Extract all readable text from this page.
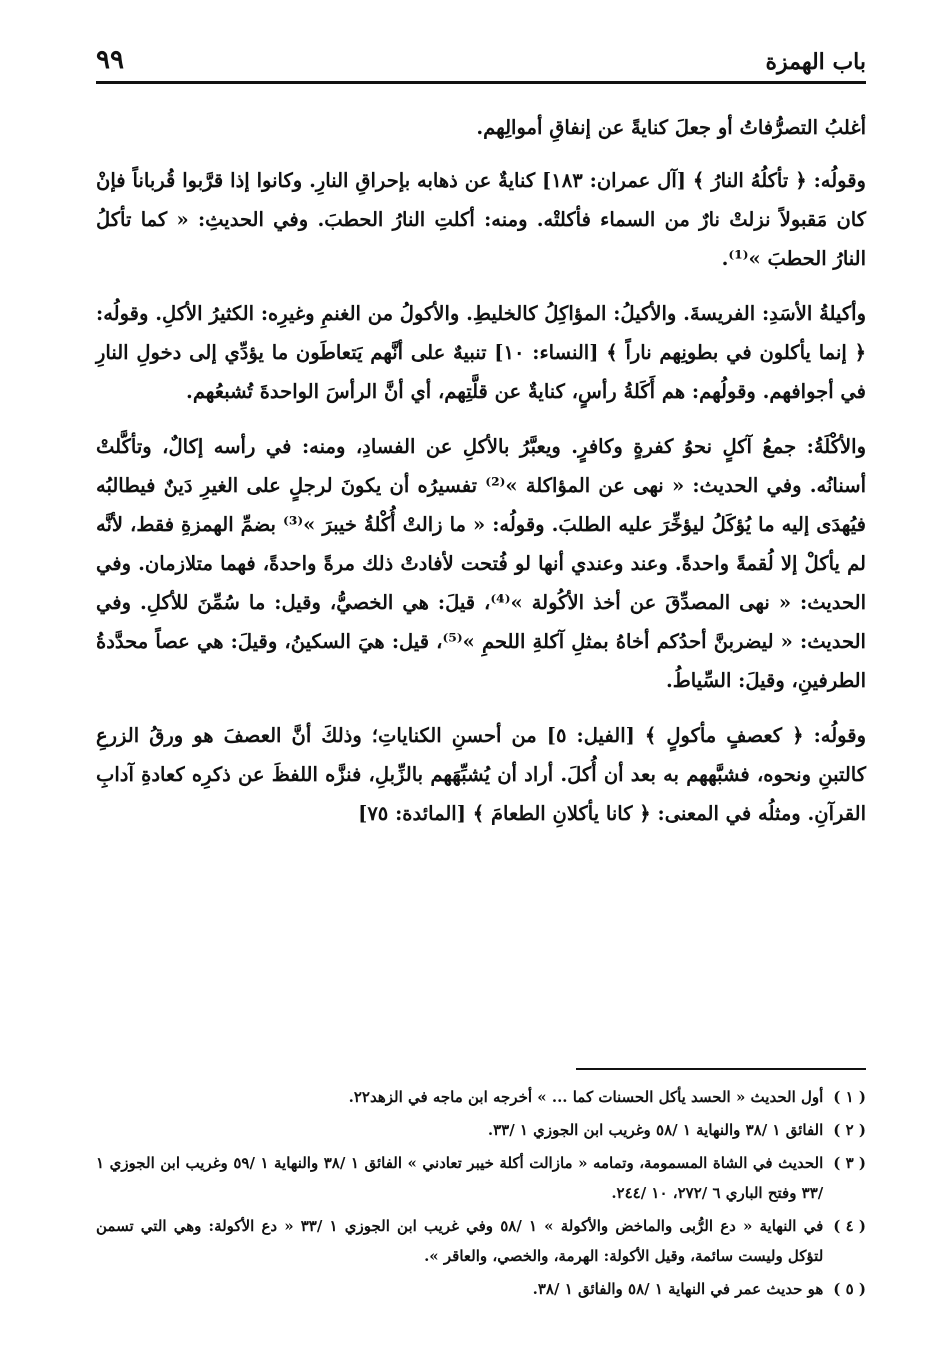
باب الهمزة
٩٩

أغلبُ التصرُّفاتُ أو جعلَ كنايةً عن إنفاقِ أموالِهم.

وقولُه: ﴿ تأكلُهُ النارُ ﴾ [آل عمران: ١٨٣] كنايةٌ عن ذهابه بإحراقِ النارِ. وكانوا إذا قرَّبوا قُرباناً فإنْ كان مَقبولاً نزلتْ نارٌ من السماء فأكلتْه. ومنه: أكلتِ النارُ الحطبَ. وفي الحديثِ: « كما تأكلُ النارُ الحطبَ »⁽¹⁾.

وأكيلةُ الأسَدِ: الفريسةَ. والأكيلُ: المؤاكِلُ كالخليطِ. والأكولُ من الغنمِ وغيرِه: الكثيرُ الأكلِ. وقولُه: ﴿ إنما يأكلون في بطونِهم ناراً ﴾ [النساء: ١٠] تنبيهٌ على أنَّهم يَتعاطَون ما يؤدِّي إلى دخولِ النارِ في أجوافهم. وقولُهم: هم أَكَلةُ رأسٍ، كنايةٌ عن قلَّتِهم، أي أنَّ الرأسَ الواحدةَ تُشبعُهم.

والأكْلَةُ: جمعُ آكلٍ نحوُ كفرةٍ وكافرٍ. ويعبَّرُ بالأكلِ عن الفسادِ، ومنه: في رأسه إكالٌ، وتأكَّلتْ أسنانُه. وفي الحديث: « نهى عن المؤاكلة »⁽²⁾ تفسيرُه أن يكونَ لرجلٍ على الغيرِ دَينٌ فيطالبُه فيُهدَى إليه ما يُؤكَلُ ليؤخِّرَ عليه الطلبَ. وقولُه: « ما زالتْ أُكْلةُ خيبرَ »⁽³⁾ بضمِّ الهمزةِ فقط، لأنَّه لم يأكلْ إلا لُقمةً واحدةً. وعند وعندي أنها لو فُتحت لأفادتْ ذلك مرةً واحدةً، فهما متلازمان. وفي الحديث: « نهى المصدِّقَ عن أخذ الأكُولة »⁽⁴⁾، قيلَ: هي الخصيُّ، وقيل: ما سُمِّنَ للأكلِ. وفي الحديث: « ليضربنَّ أحدُكم أخاهُ بمثلِ آكلةِ اللحمِ »⁽⁵⁾، قيل: هيَ السكينُ، وقيلَ: هي عصاً محدَّدةُ الطرفينِ، وقيلَ: السِّياطُ.

وقولُه: ﴿ كعصفٍ مأكولٍ ﴾ [الفيل: ٥] من أحسنِ الكناياتِ؛ وذلكَ أنَّ العصفَ هو ورقُ الزرعِ كالتبنِ ونحوه، فشبَّههم به بعد أن أُكلَ. أراد أن يُشبِّهَهم بالزِّبلِ، فنزَّه اللفظَ عن ذكرِه كعادةِ آدابِ القرآنِ. ومثلُه في المعنى: ﴿ كانا يأكلانِ الطعامَ ﴾ [المائدة: ٧٥]

( ١ )
أول الحديث « الحسد يأكل الحسنات كما ... » أخرجه ابن ماجه في الزهد٢٢.
( ٢ )
الفائق ١ /٣٨ والنهاية ١ /٥٨ وغريب ابن الجوزي ١ /٣٣.
( ٣ )
الحديث في الشاة المسمومة، وتمامه « مازالت أكلة خيبر تعادني » الفائق ١ /٣٨ والنهاية ١ /٥٩ وغريب ابن الجوزي ١ /٣٣ وفتح الباري ٦ /٢٧٢، ١٠ /٢٤٤.
( ٤ )
في النهاية « دع الرُّبى والماخض والأكولة » ١ /٥٨ وفي غريب ابن الجوزي ١ /٣٣ « دع الأكولة: وهي التي تسمن لتؤكل وليست سائمة، وقيل الأكولة: الهرمة، والخصي، والعاقر ».
( ٥ )
هو حديث عمر في النهاية ١ /٥٨ والفائق ١ /٣٨.
